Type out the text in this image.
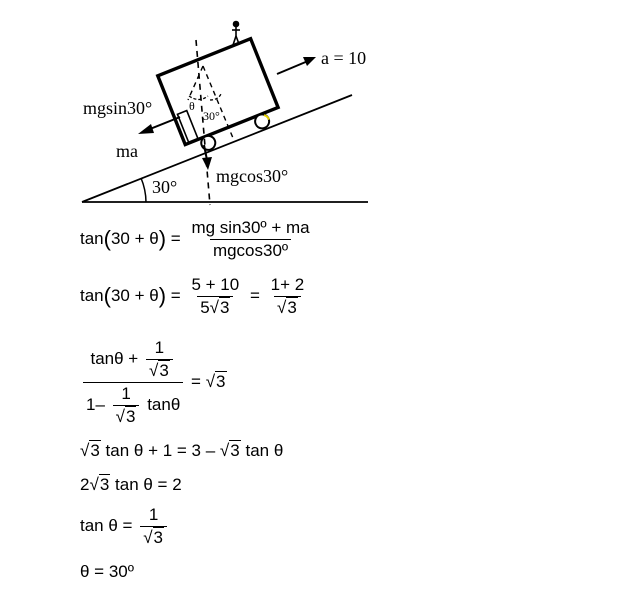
a = 10
mgsin30°
ma
mgcos30°
30°
θ
30°
$\tan(30 + \theta) = \frac{\text{mg sin30º + ma}}{\text{mgcos30º}}$
$\tan(30 + \theta) = \frac{5 + 10}{5√3} = \frac{1+ 2}{√3}$
$\frac{\tan\theta + \frac{1}{√3}}{1- \frac{1}{√3} \tan\theta} = √3$
√3 tan θ + 1 = 3 – √3 tan θ
2√3 tan θ = 2
$\tan \theta = \frac{1}{√3}$
θ = 30º
